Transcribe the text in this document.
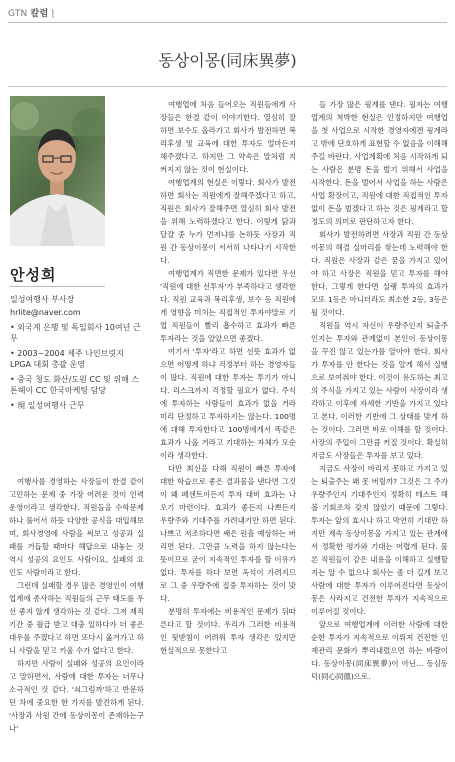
GTN 칼럼 |
동상이몽(同床異夢)
안성희
일성여행사 부사장
hrlite@naver.com
• 외국계 은행 및 독일회사 10여년 근무
• 2003~2004 제주 나인브릿지 LPGA 대회 총괄 운영
• 중국 청도 화산/도원 CC 및 위해 스톤헤이 CC 한국마케팅 담당
• 現 일성여행사 근무

여행사를 경영하는 사장들이 한결 같이 고민하는 문제 중 가장 어려운 것이 인력 운영이라고 생각한다. 직원들을 수학문제 하나 풀어서 하듯 다양한 공식을 대입해보며, 회사경영에 사람을 써보고 성공과 실패를 거듭할 때마다 해답으로 내놓는 것 역시 성공의 요인도 사람이요, 실패의 요인도 사람이라고 한다.

그런데 실패할 경우 많은 경영인이 여행업계에 종사하는 직원들의 근무 태도를 우선 좋지 않게 생각하는 것 같다. 그저 재직 기간 중 월급 받고 대충 일하다가 더 좋은 대우를 주겠다고 하면 또다시 옮겨가고 하니 사람을 믿고 키울 수가 없다고 한다.

하지만 사람이 실패와 성공의 요인이라고 말하면서, 사람에 대한 투자는 너무나 소극적인 것 같다. '쇠그럼까'하고 반문하던 차에 중요한 한 가지를 발견하게 된다. '사장과 사원 간에 동상이몽이 존재하는구나'

여행업에 처음 들어오는 직원들에게 사장들은 한결 같이 이야기한다. 열심히 잘하면 보수도 올라가고 회사가 발전하면 복리후생 및 교육에 대한 투자도 얼마든지 해주겠다고. 하지만 그 약속은 말처럼 지켜지지 않는 것이 현실이다.

여행업계의 현실은 이렇다. 회사가 발전하면 회사는 직원에게 잘해주겠다고 하고, 직원은 회사가 잘해주면 열심히 회사 발전을 위해 노력하겠다고 한다. 이렇게 닭과 달걀 중 누가 먼저냐를 논하듯 사장과 직원 간 동상이몽이 서서히 나타나기 시작한다.

여행업계가 직면한 문제가 있다면 우선 '직원에 대한 선투자'가 부족하다고 생각한다. 직원 교육과 복리후생, 보수 등 직원에게 영향을 미치는 직접적인 투자야말로 기업 직원들이 빨리 흡수하고 효과가 빠른 투자라는 것을 알았으면 좋겠다.

여기서 '투자'라고 하면 선뜻 효과가 없으면 어떻게 하냐 걱정부터 하는 경영자들이 많다. 직원에 대한 투자는 투기가 아니다. 리스크까지 걱정할 필요가 없다. 주식에 투자하는 사람들이 효과가 없을 거라 미리 단정하고 투자하지는 않는다. 100명에 대해 투자한다고 100명에게서 똑같은 효과가 나올 거라고 기대하는 자체가 모순이라 생각한다.

다만 최선을 다해 직원이 빠른 투자에 대한 학습으로 좋은 결과물을 낸다면 그것이 왜 페센트이든지 투자 대비 효과는 나오기 마련이다. 효과가 좋든지 나쁘든지 우량주와 기대주를 가려내기만 하면 된다. 나쁘고 저조하다면 쌔은 원흘 예상하는 버리면 된다. 그만큼 노력을 하지 않는다는 뜻이므로 굳이 지속적인 투자를 할 이유가 없다. 투자를 하다 보면 옥석이 가려지므로 그 중 우량주에 집중 투자하는 것이 맞다.

분명히 투자에는 비용적인 문제가 뒤따른다고 할 것이다. 우리가 그러한 비용적인 뒷받침이 어려워 투자 생각은 있지만 현실적으로 못한다고

들 가장 많은 핑계를 댄다. 필자는 여행업계의 척박한 현실은 인정하지만 여행업을 첫 사업으로 시작한 경영자에겐 핑계라고 밖에 단호하게 표현할 수 없음을 이해해 주길 바란다. 사업계획에 처음 시작하게 되는 사람은 분명 돈을 벌기 위해서 사업을 시작한다. 돈을 벌어서 사업을 하는 사람은 사업 확장이고, 직원에 대한 직접적인 투자 없이 돈을 벌겠다고 하는 것은 핑계라고 할 정도의 의미로 판단하고자 한다.

회사가 발전하려면 사장과 직원 간 동상이몽의 해결 실마리를 찾는데 노력해야 한다. 직원은 사장과 같은 꿈을 가지고 있어야 하고 사장은 직원을 믿고 투자를 해야 한다. 그렇게 한다면 실랭 투자의 효과가 모또 1등은 아니더라도 최소한 2등, 3등은 될 것이다.

직원들 역시 자신이 우량주인지 퇴출주인지는 투자와 관계없이 본인이 동상이몽을 꾸진 않고 있는가를 알아야 한다. 회사가 투자를 안 한다는 것을 알게 해서 실행으로 보여줘야 한다. 이것이 유도하는 최고의 주식을 가지고 있는 사람이 사장이라 생각하고 이후에 자세한 기반을 가지고 있다고 본다. 이러한 기반에 그 상태를 맞게 하는 것이다. 그러면 바로 이해를 할 것이다. 사장의 주입이 그만큼 커질 것이다. 확실히 지금도 사장들은 투자를 보고 있다.

지금도 사장이 바리지 못하고 가지고 있는 퇴출주는 왜 못 버릴까? 그것은 그 주가 우량주인지 기대주인지 정확히 테스트 해볼 기회조차 갖지 않았기 때문에 그렇다. 투자는 앞의 효시나 하고 막연히 기대만 하지만 계속 동상이몽을 가지고 있는 관계에서 정확한 평가와 기대는 어렵게 된다. 물론 직원들이 같은 내용을 이해하고 실행할지는 알 수 없으나 회사는 좀 더 길게 보고 사람에 대한 투자가 이루어진다면 동상이몽은 사라지고 건전한 투자가 지속적으로 이루어질 것이다.

앞으로 여행업계에 이러한 사람에 대한 순한 투자가 지속적으로 이뤄져 건전한 인재관리 문화가 뿌리내렸으면 하는 바람이다. 동상이몽(同床異夢)이 아닌… 동심동덕(同心同德)으로.
